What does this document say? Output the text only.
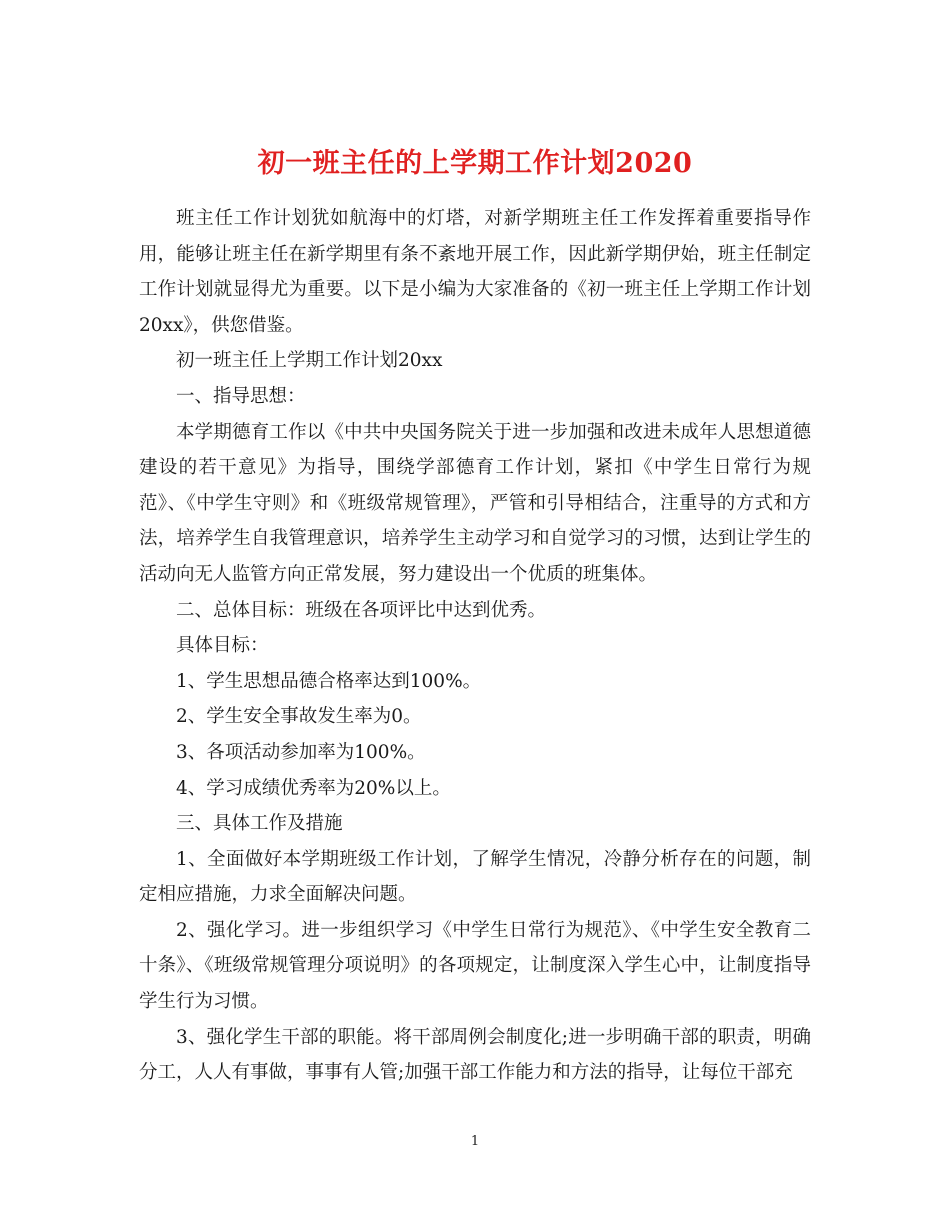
初一班主任的上学期工作计划2020

班主任工作计划犹如航海中的灯塔，对新学期班主任工作发挥着重要指导作用，能够让班主任在新学期里有条不紊地开展工作，因此新学期伊始，班主任制定工作计划就显得尤为重要。以下是小编为大家准备的《初一班主任上学期工作计划20xx》，供您借鉴。

初一班主任上学期工作计划20xx

一、指导思想：

本学期德育工作以《中共中央国务院关于进一步加强和改进未成年人思想道德建设的若干意见》为指导，围绕学部德育工作计划，紧扣《中学生日常行为规范》、《中学生守则》和《班级常规管理》，严管和引导相结合，注重导的方式和方法，培养学生自我管理意识，培养学生主动学习和自觉学习的习惯，达到让学生的活动向无人监管方向正常发展，努力建设出一个优质的班集体。

二、总体目标：班级在各项评比中达到优秀。

具体目标：

1、学生思想品德合格率达到100%。

2、学生安全事故发生率为0。

3、各项活动参加率为100%。

4、学习成绩优秀率为20%以上。

三、具体工作及措施

1、全面做好本学期班级工作计划，了解学生情况，冷静分析存在的问题，制定相应措施，力求全面解决问题。

2、强化学习。进一步组织学习《中学生日常行为规范》、《中学生安全教育二十条》、《班级常规管理分项说明》的各项规定，让制度深入学生心中，让制度指导学生行为习惯。

3、强化学生干部的职能。将干部周例会制度化;进一步明确干部的职责，明确分工，人人有事做，事事有人管;加强干部工作能力和方法的指导，让每位干部充

1
